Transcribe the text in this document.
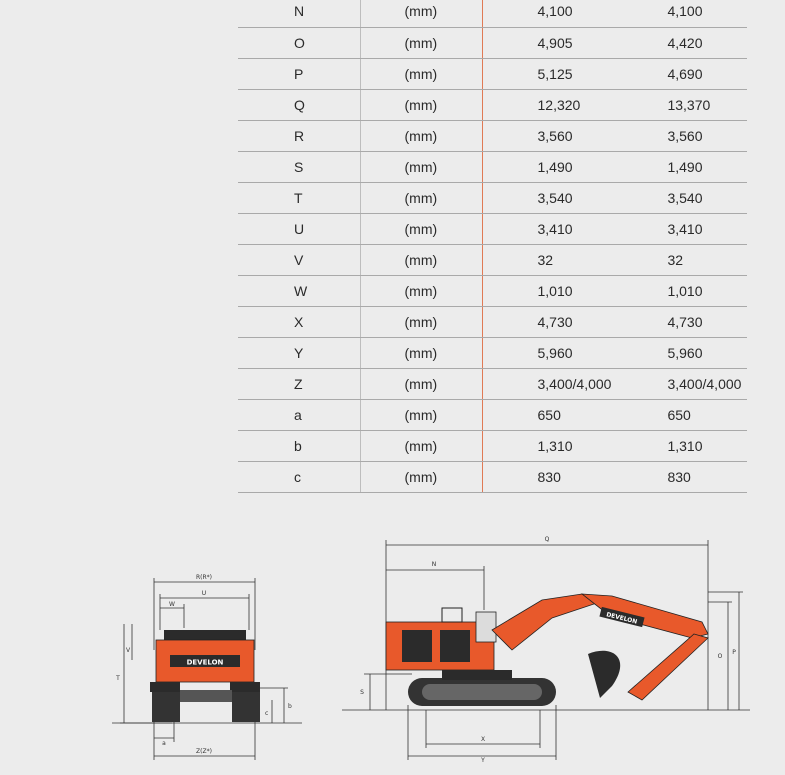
N	(mm)	4,100	4,100
O	(mm)	4,905	4,420
P	(mm)	5,125	4,690
Q	(mm)	12,320	13,370
R	(mm)	3,560	3,560
S	(mm)	1,490	1,490
T	(mm)	3,540	3,540
U	(mm)	3,410	3,410
V	(mm)	32	32
W	(mm)	1,010	1,010
X	(mm)	4,730	4,730
Y	(mm)	5,960	5,960
Z	(mm)	3,400/4,000	3,400/4,000
a	(mm)	650	650
b	(mm)	1,310	1,310
c	(mm)	830	830
DEVELON
R(R*)
U
W
V
T
b
c
a
Z(Z*)
DEVELON
Q
N
O
P
S
X
Y
